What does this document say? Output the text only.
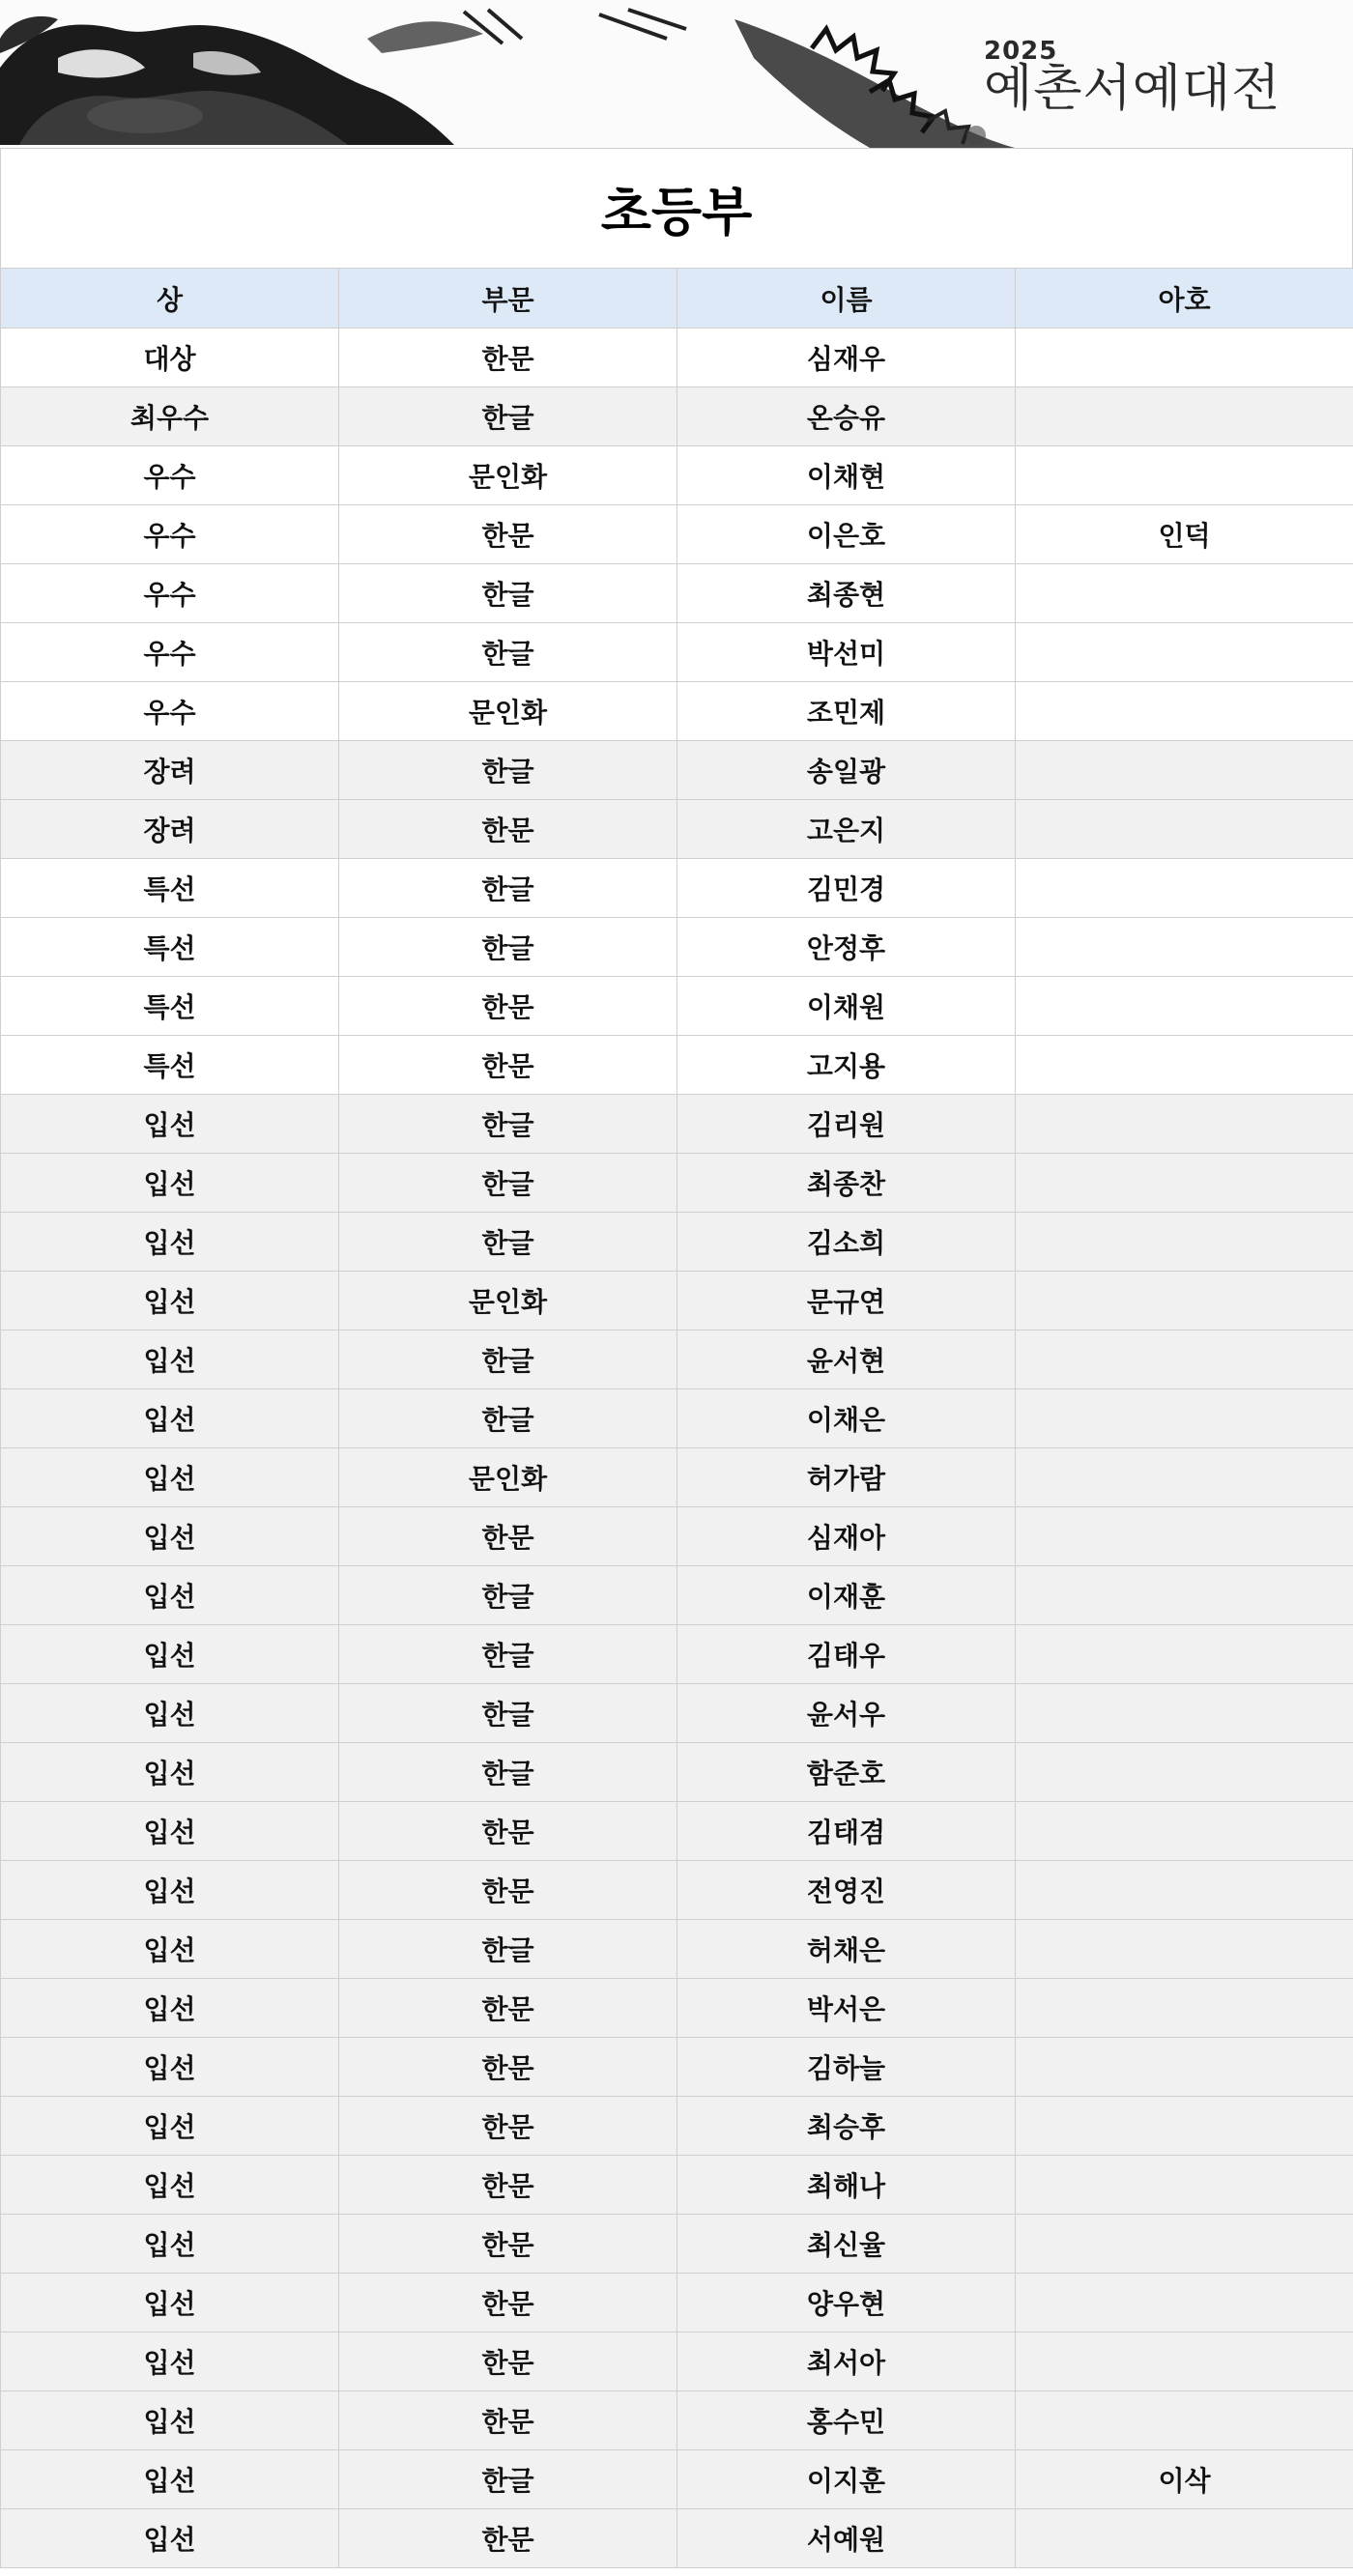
2025
예촌서예대전
초등부
상	부문	이름	아호
대상	한문	심재우	
최우수	한글	온승유	
우수	문인화	이채현	
우수	한문	이은호	인덕
우수	한글	최종현	
우수	한글	박선미	
우수	문인화	조민제	
장려	한글	송일광	
장려	한문	고은지	
특선	한글	김민경	
특선	한글	안정후	
특선	한문	이채원	
특선	한문	고지용	
입선	한글	김리원	
입선	한글	최종찬	
입선	한글	김소희	
입선	문인화	문규연	
입선	한글	윤서현	
입선	한글	이채은	
입선	문인화	허가람	
입선	한문	심재아	
입선	한글	이재훈	
입선	한글	김태우	
입선	한글	윤서우	
입선	한글	함준호	
입선	한문	김태겸	
입선	한문	전영진	
입선	한글	허채은	
입선	한문	박서은	
입선	한문	김하늘	
입선	한문	최승후	
입선	한문	최해나	
입선	한문	최신율	
입선	한문	양우현	
입선	한문	최서아	
입선	한문	홍수민	
입선	한글	이지훈	이삭
입선	한문	서예원	
